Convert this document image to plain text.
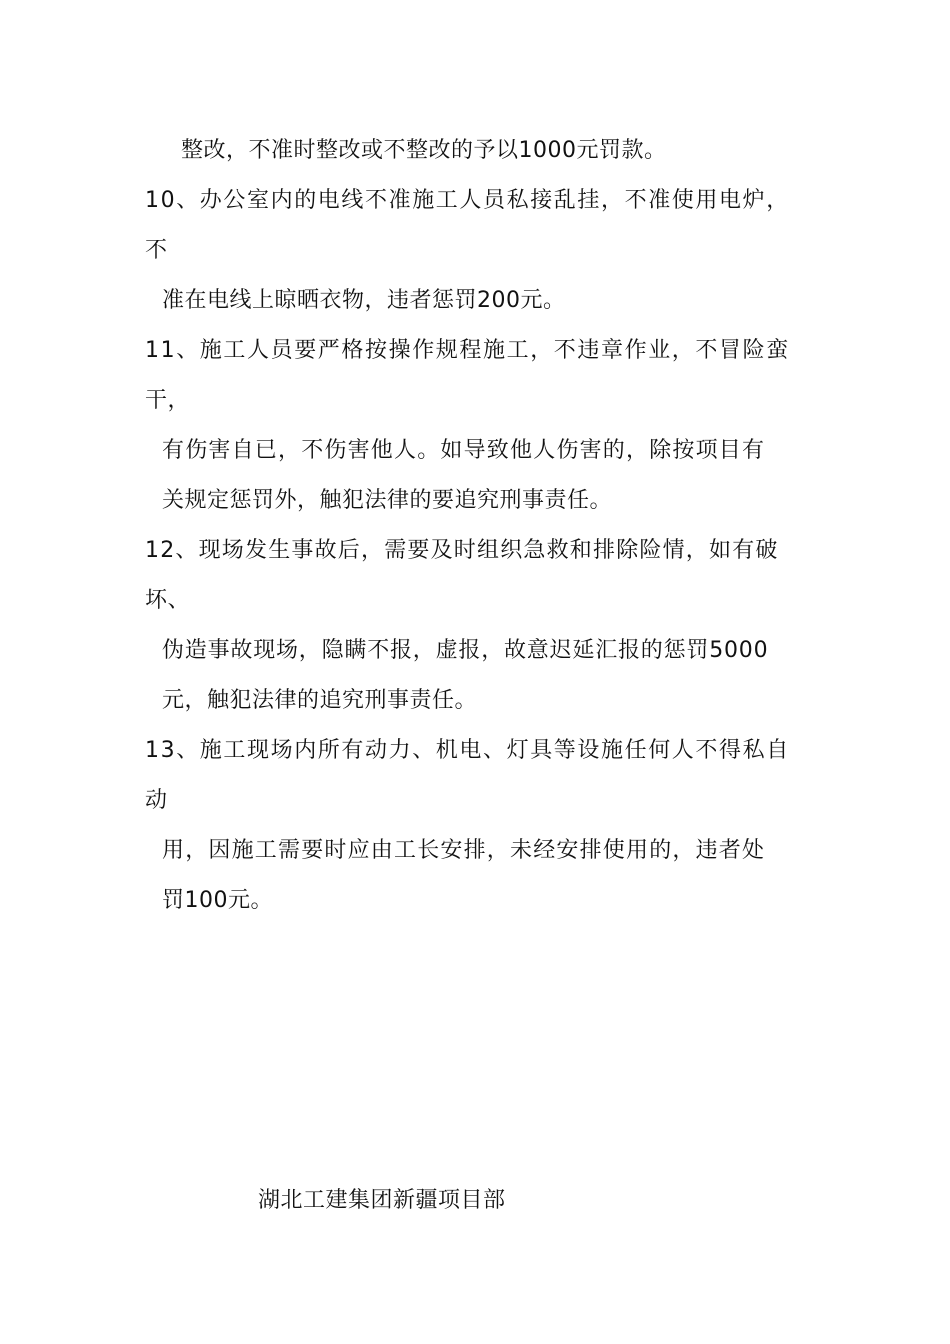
整改，不准时整改或不整改的予以1000元罚款。
10、办公室内的电线不准施工人员私接乱挂，不准使用电炉，
不
准在电线上晾晒衣物，违者惩罚200元。
11、施工人员要严格按操作规程施工，不违章作业，不冒险蛮
干，
有伤害自已，不伤害他人。如导致他人伤害的，除按项目有
关规定惩罚外，触犯法律的要追究刑事责任。
12、现场发生事故后，需要及时组织急救和排除险情，如有破
坏、
伪造事故现场，隐瞒不报，虚报，故意迟延汇报的惩罚5000
元，触犯法律的追究刑事责任。
13、施工现场内所有动力、机电、灯具等设施任何人不得私自
动
用，因施工需要时应由工长安排，未经安排使用的，违者处
罚100元。
湖北工建集团新疆项目部
